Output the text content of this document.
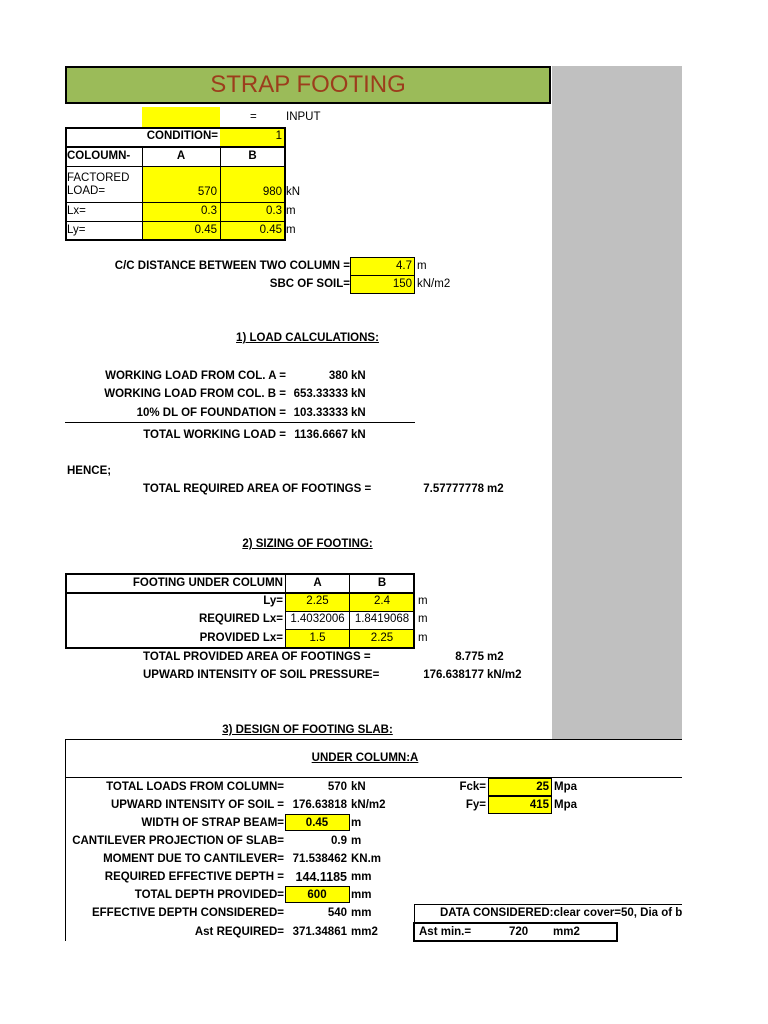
STRAP FOOTING
=	INPUT
CONDITION=	1
COLOUMN-	A	B
FACTORED LOAD=	570	980 kN
Lx=	0.3	0.3 m
Ly=	0.45	0.45 m
C/C DISTANCE BETWEEN TWO COLUMN =	4.7 m
SBC OF SOIL=	150 kN/m2
1) LOAD CALCULATIONS:
WORKING LOAD FROM COL. A =	380 kN
WORKING LOAD FROM COL. B = 653.33333 kN
10% DL OF FOUNDATION = 103.33333 kN
TOTAL WORKING LOAD = 1136.6667 kN
HENCE;
TOTAL REQUIRED AREA OF FOOTINGS =	7.57777778 m2
2) SIZING OF FOOTING:
FOOTING UNDER COLUMN	A	B
Ly=	2.25	2.4	m
REQUIRED Lx= 1.4032006 1.8419068 m
PROVIDED Lx=	1.5	2.25	m
TOTAL PROVIDED AREA OF FOOTINGS =	8.775 m2
UPWARD INTENSITY OF SOIL PRESSURE=	176.638177 kN/m2
3) DESIGN OF FOOTING SLAB:
UNDER COLUMN:A
TOTAL LOADS FROM COLUMN=	570 kN
UPWARD INTENSITY OF SOIL = 176.63818 kN/m2
WIDTH OF STRAP BEAM=	0.45	m
CANTILEVER PROJECTION OF SLAB=	0.9 m
MOMENT DUE TO CANTILEVER= 71.538462 KN.m
REQUIRED EFFECTIVE DEPTH = 144.1185 mm
TOTAL DEPTH PROVIDED=	600	mm
EFFECTIVE DEPTH CONSIDERED=	540 mm
Ast REQUIRED= 371.34861 mm2
Fck=	25 Mpa
Fy=	415 Mpa
DATA CONSIDERED:clear cover=50, Dia of b
Ast min.=	720 mm2
